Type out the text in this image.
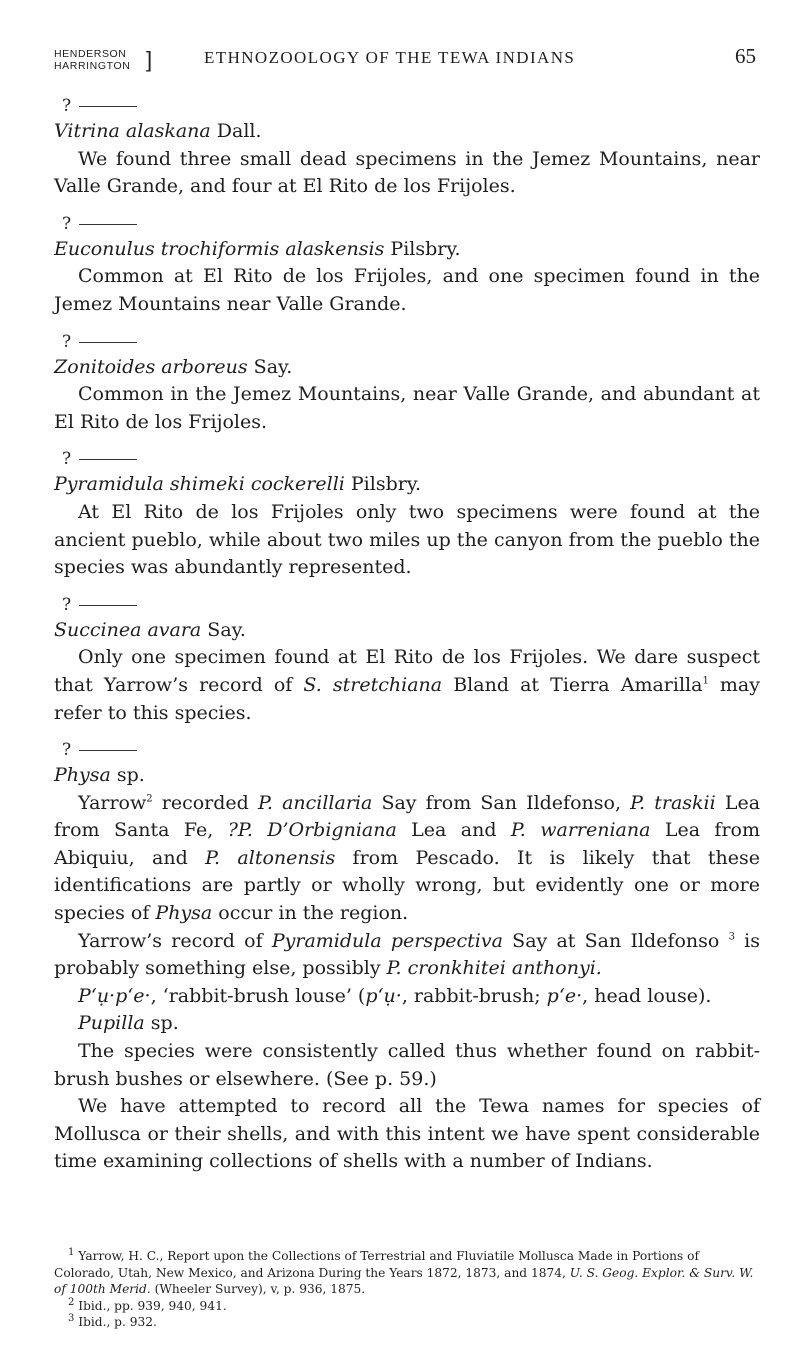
HENDERSON
HARRINGTON ]	ETHNOZOOLOGY OF THE TEWA INDIANS	65
?

Vitrina alaskana Dall.

We found three small dead specimens in the Jemez Mountains, near Valle Grande, and four at El Rito de los Frijoles.

?

Euconulus trochiformis alaskensis Pilsbry.

Common at El Rito de los Frijoles, and one specimen found in the Jemez Mountains near Valle Grande.

?

Zonitoides arboreus Say.

Common in the Jemez Mountains, near Valle Grande, and abundant at El Rito de los Frijoles.

?

Pyramidula shimeki cockerelli Pilsbry.

At El Rito de los Frijoles only two specimens were found at the ancient pueblo, while about two miles up the canyon from the pueblo the species was abundantly represented.

?

Succinea avara Say.

Only one specimen found at El Rito de los Frijoles. We dare suspect that Yarrow’s record of S. stretchiana Bland at Tierra Amarilla$^1$ may refer to this species.

?

Physa sp.

Yarrow$^2$ recorded P. ancillaria Say from San Ildefonso, P. traskii Lea from Santa Fe, ?P. D’Orbigniana Lea and P. warreniana Lea from Abiquiu, and P. altonensis from Pescado. It is likely that these identifications are partly or wholly wrong, but evidently one or more species of Physa occur in the region.

Yarrow’s record of Pyramidula perspectiva Say at San Ildefonso $^3$ is probably something else, possibly P. cronkhitei anthonyi.

P‘ụ·p‘e·, ‘rabbit-brush louse’ (p‘ụ·, rabbit-brush; p‘e·, head louse).

Pupilla sp.

The species were consistently called thus whether found on rabbit-brush bushes or elsewhere. (See p. 59.)

We have attempted to record all the Tewa names for species of Mollusca or their shells, and with this intent we have spent considerable time examining collections of shells with a number of Indians.

$^1$ Yarrow, H. C., Report upon the Collections of Terrestrial and Fluviatile Mollusca Made in Portions of Colorado, Utah, New Mexico, and Arizona During the Years 1872, 1873, and 1874, U. S. Geog. Explor. & Surv. W. of 100th Merid. (Wheeler Survey), v, p. 936, 1875.

$^2$ Ibid., pp. 939, 940, 941.

$^3$ Ibid., p. 932.
